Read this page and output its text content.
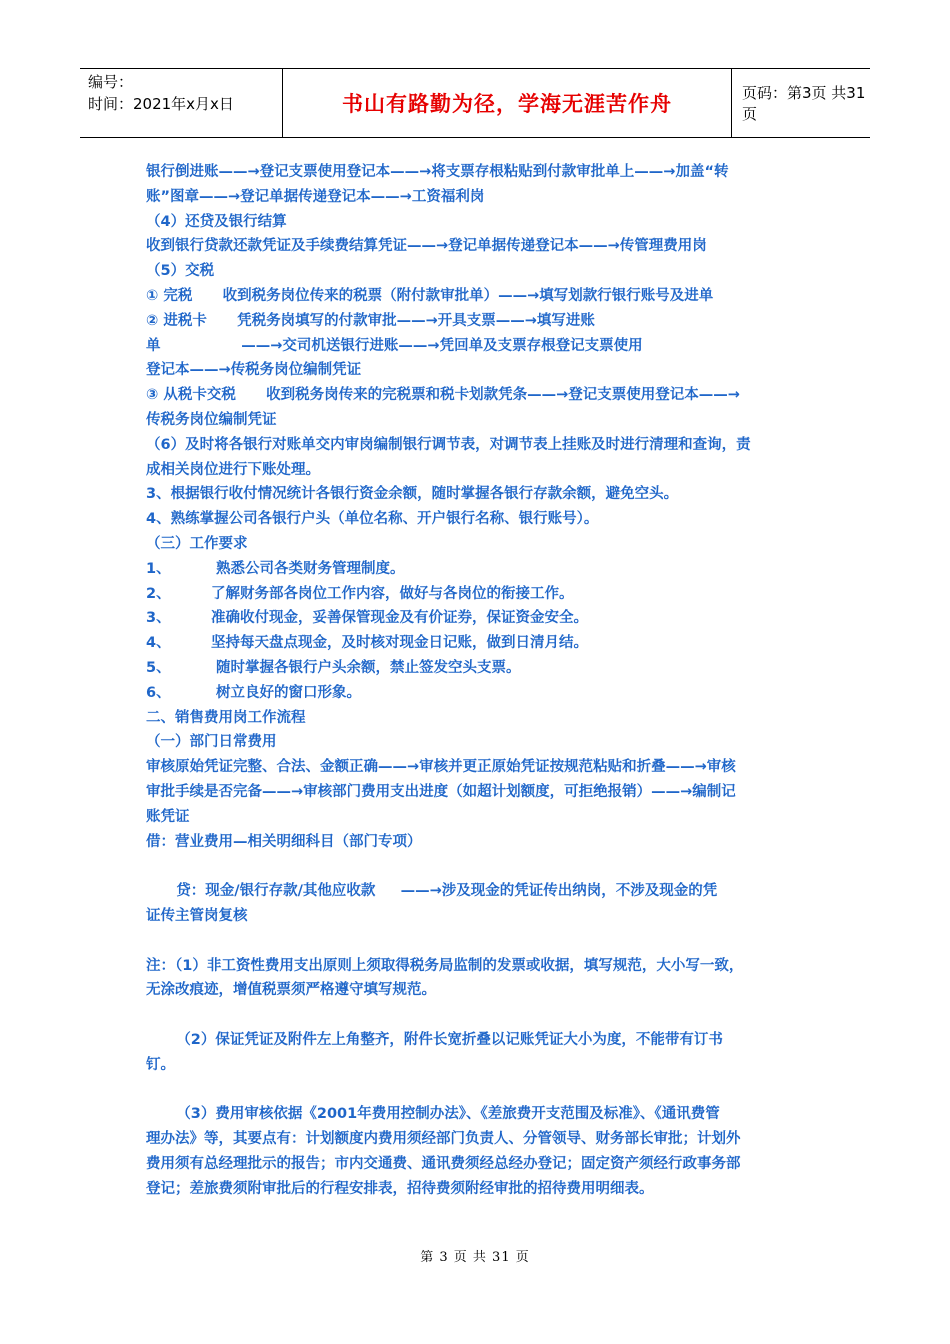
编号：
时间：2021年x月x日	书山有路勤为径，学海无涯苦作舟	页码：第3页 共31页
银行倒进账——→登记支票使用登记本——→将支票存根粘贴到付款审批单上——→加盖“转
账”图章——→登记单据传递登记本——→工资福利岗
（4）还贷及银行结算
收到银行贷款还款凭证及手续费结算凭证——→登记单据传递登记本——→传管理费用岗
（5）交税
① 完税      收到税务岗位传来的税票（附付款审批单）——→填写划款行银行账号及进单
② 进税卡      凭税务岗填写的付款审批——→开具支票——→填写进账
单                ——→交司机送银行进账——→凭回单及支票存根登记支票使用
登记本——→传税务岗位编制凭证
③ 从税卡交税      收到税务岗传来的完税票和税卡划款凭条——→登记支票使用登记本——→
传税务岗位编制凭证
（6）及时将各银行对账单交内审岗编制银行调节表，对调节表上挂账及时进行清理和查询，责
成相关岗位进行下账处理。
3、根据银行收付情况统计各银行资金余额，随时掌握各银行存款余额，避免空头。
4、熟练掌握公司各银行户头（单位名称、开户银行名称、银行账号）。
（三）工作要求
1、         熟悉公司各类财务管理制度。
2、        了解财务部各岗位工作内容，做好与各岗位的衔接工作。
3、        准确收付现金，妥善保管现金及有价证券，保证资金安全。
4、        坚持每天盘点现金，及时核对现金日记账，做到日清月结。
5、         随时掌握各银行户头余额，禁止签发空头支票。
6、         树立良好的窗口形象。
二、销售费用岗工作流程
（一）部门日常费用
审核原始凭证完整、合法、金额正确——→审核并更正原始凭证按规范粘贴和折叠——→审核
审批手续是否完备——→审核部门费用支出进度（如超计划额度，可拒绝报销）——→编制记
账凭证
借：营业费用—相关明细科目（部门专项）
贷：现金/银行存款/其他应收款     ——→涉及现金的凭证传出纳岗，不涉及现金的凭
证传主管岗复核
注：（1）非工资性费用支出原则上须取得税务局监制的发票或收据，填写规范，大小写一致，
无涂改痕迹，增值税票须严格遵守填写规范。
（2）保证凭证及附件左上角整齐，附件长宽折叠以记账凭证大小为度，不能带有订书
钉。
（3）费用审核依据《2001年费用控制办法》、《差旅费开支范围及标准》、《通讯费管
理办法》等，其要点有：计划额度内费用须经部门负责人、分管领导、财务部长审批；计划外
费用须有总经理批示的报告；市内交通费、通讯费须经总经办登记；固定资产须经行政事务部
登记；差旅费须附审批后的行程安排表，招待费须附经审批的招待费用明细表。
第 3 页 共 31 页
